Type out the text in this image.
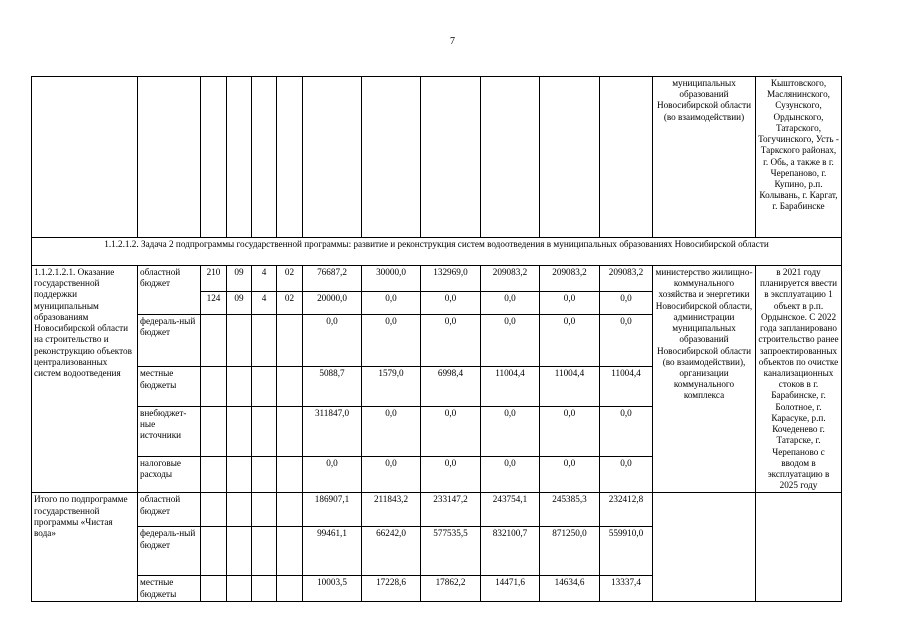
7
												муниципальных образований Новосибирской области (во взаимодействии)	Кыштовского, Маслянинского, Сузунского, Ордынского, Татарского, Тогучинского, Усть - Таркского районах, г. Обь, а также в г. Черепаново, г. Купино, р.п. Колывань, г. Каргат, г. Барабинске
1.1.2.1.2. Задача 2 подпрограммы государственной программы: развитие и реконструкция систем водоотведения в муниципальных образованиях Новосибирской области													
1.1.2.1.2.1. Оказание государственной поддержки муниципальным образованиям Новосибирской области на строительство и реконструкцию объектов централизованных систем водоотведения	областной бюджет	210	09	4	02	76687,2	30000,0	132969,0	209083,2	209083,2	209083,2	министерство жилищно-коммунального хозяйства и энергетики Новосибирской области, администрации муниципальных образований Новосибирской области (во взаимодействии), организации коммунального комплекса	в 2021 году планируется ввести в эксплуатацию 1 объект в р.п. Ордынское. С 2022 года запланировано строительство ранее запроектированных объектов по очистке канализационных стоков в г. Барабинске, г. Болотное, г. Карасуке, р.п. Кочеденево г. Татарске, г. Черепаново с вводом в эксплуатацию в 2025 году
		124	09	4	02	20000,0	0,0	0,0	0,0	0,0	0,0		
	федераль-ный бюджет					0,0	0,0	0,0	0,0	0,0	0,0		
	местные бюджеты					5088,7	1579,0	6998,4	11004,4	11004,4	11004,4		
	внебюджет-ные источники					311847,0	0,0	0,0	0,0	0,0	0,0		
	налоговые расходы					0,0	0,0	0,0	0,0	0,0	0,0		
Итого по подпрограмме государственной программы «Чистая вода»	областной бюджет					186907,1	211843,2	233147,2	243754,1	245385,3	232412,8		
	федераль-ный бюджет					99461,1	66242,0	577535,5	832100,7	871250,0	559910,0		
	местные бюджеты					10003,5	17228,6	17862,2	14471,6	14634,6	13337,4		
